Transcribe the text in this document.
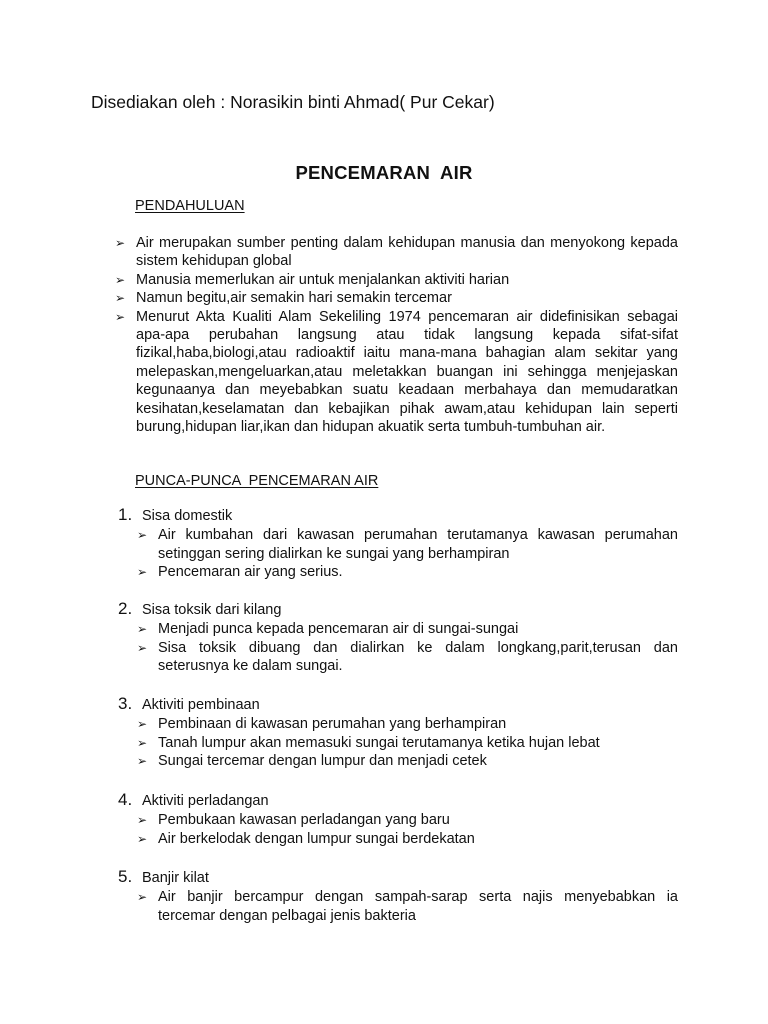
Disediakan oleh : Norasikin binti Ahmad( Pur Cekar)
PENCEMARAN  AIR
PENDAHULUAN
➢ Air merupakan sumber penting dalam kehidupan manusia dan menyokong kepada sistem kehidupan global
➢ Manusia memerlukan air untuk menjalankan aktiviti harian
➢ Namun begitu,air semakin hari semakin tercemar
➢ Menurut Akta Kualiti Alam Sekeliling 1974 pencemaran air didefinisikan sebagai apa-apa perubahan langsung atau tidak langsung kepada sifat-sifat fizikal,haba,biologi,atau radioaktif iaitu mana-mana bahagian alam sekitar yang melepaskan,mengeluarkan,atau meletakkan buangan ini sehingga menjejaskan kegunaanya dan meyebabkan suatu keadaan merbahaya dan memudaratkan kesihatan,keselamatan dan kebajikan pihak awam,atau kehidupan lain seperti burung,hidupan liar,ikan dan hidupan akuatik serta tumbuh-tumbuhan air.
PUNCA-PUNCA  PENCEMARAN AIR
1. Sisa domestik
➢ Air kumbahan dari kawasan perumahan terutamanya kawasan perumahan setinggan sering dialirkan ke sungai yang berhampiran
➢ Pencemaran air yang serius.
2. Sisa toksik dari kilang
➢ Menjadi punca kepada pencemaran air di sungai-sungai
➢ Sisa toksik dibuang dan dialirkan ke dalam longkang,parit,terusan dan seterusnya ke dalam sungai.
3. Aktiviti pembinaan
➢ Pembinaan di kawasan perumahan yang berhampiran
➢ Tanah lumpur akan memasuki sungai terutamanya ketika hujan lebat
➢ Sungai tercemar dengan lumpur dan menjadi cetek
4. Aktiviti perladangan
➢ Pembukaan kawasan perladangan yang baru
➢ Air berkelodak dengan lumpur sungai berdekatan
5. Banjir kilat
➢ Air banjir bercampur dengan sampah-sarap serta najis menyebabkan ia tercemar dengan pelbagai jenis bakteria
